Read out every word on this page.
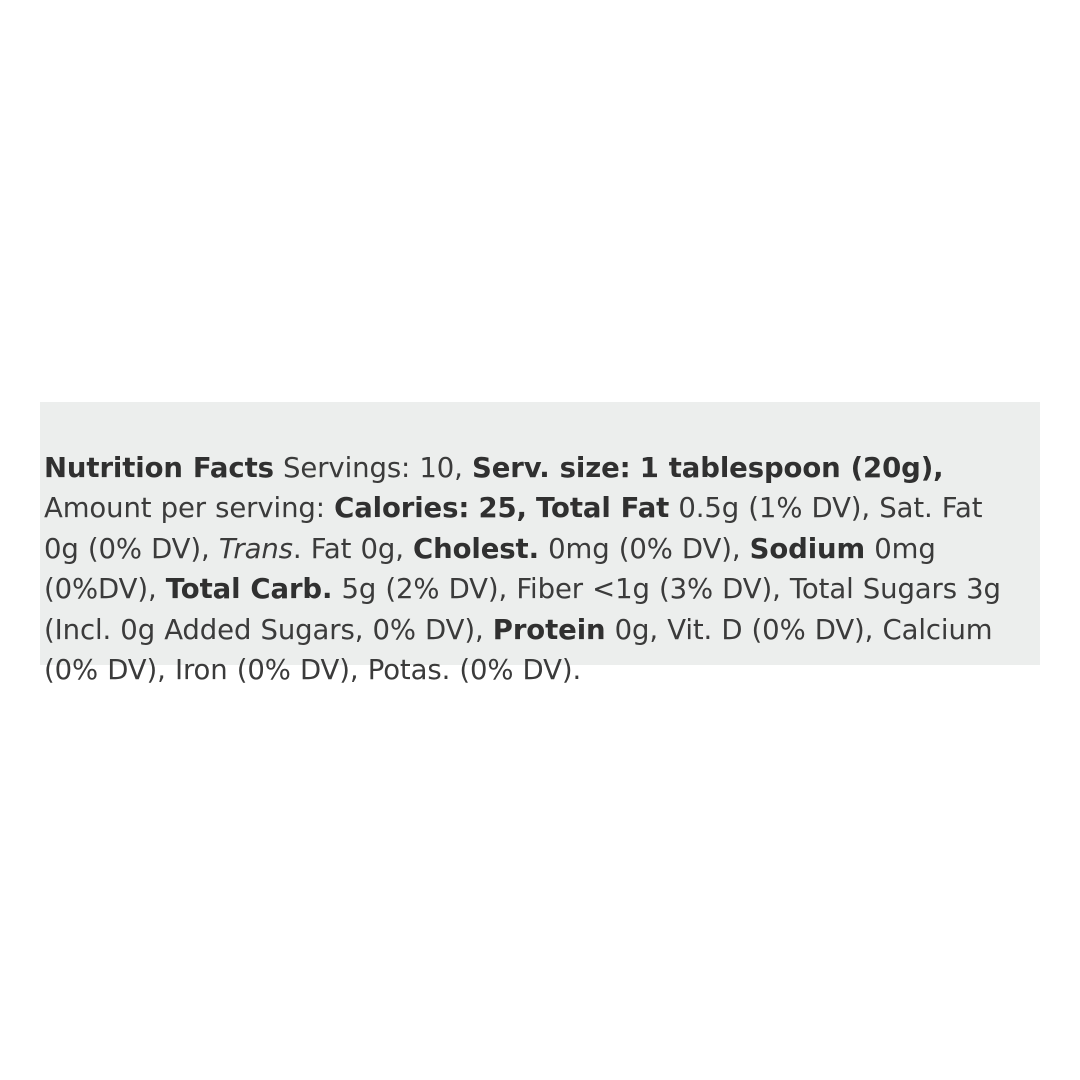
Nutrition Facts Servings: 10, Serv. size: 1 tablespoon (20g), Amount per serving: Calories: 25, Total Fat 0.5g (1% DV), Sat. Fat 0g (0% DV), Trans. Fat 0g, Cholest. 0mg (0% DV), Sodium 0mg (0%DV), Total Carb. 5g (2% DV), Fiber <1g (3% DV), Total Sugars 3g (Incl. 0g Added Sugars, 0% DV), Protein 0g, Vit. D (0% DV), Calcium (0% DV), Iron (0% DV), Potas. (0% DV).
